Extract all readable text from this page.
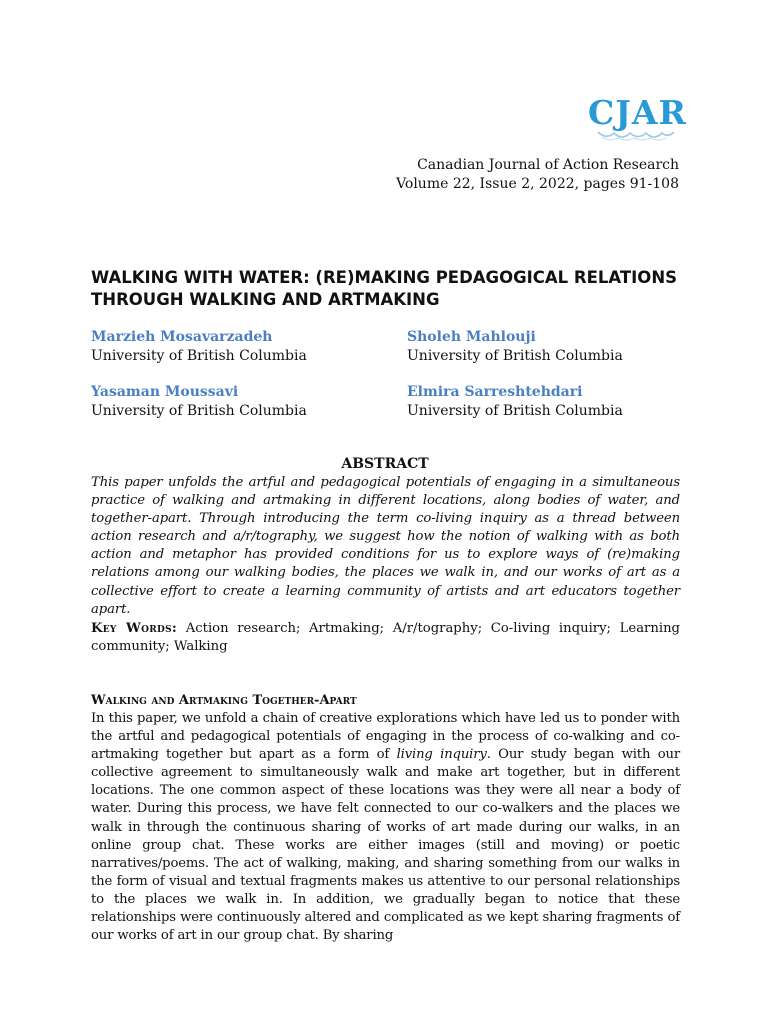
CJAR
Canadian Journal of Action Research
Volume 22, Issue 2, 2022, pages 91-108
WALKING WITH WATER: (RE)MAKING PEDAGOGICAL RELATIONS
THROUGH WALKING AND ARTMAKING
Marzieh Mosavarzadeh
University of British Columbia
Sholeh Mahlouji
University of British Columbia
Yasaman Moussavi
University of British Columbia
Elmira Sarreshtehdari
University of British Columbia
ABSTRACT
This paper unfolds the artful and pedagogical potentials of engaging in a simultaneous practice of walking and artmaking in different locations, along bodies of water, and together-apart. Through introducing the term co-living inquiry as a thread between action research and a/r/tography, we suggest how the notion of walking with as both action and metaphor has provided conditions for us to explore ways of (re)making relations among our walking bodies, the places we walk in, and our works of art as a collective effort to create a learning community of artists and art educators together apart.
Key Words: Action research; Artmaking; A/r/tography; Co-living inquiry; Learning community; Walking
Walking and Artmaking Together-Apart
In this paper, we unfold a chain of creative explorations which have led us to ponder with the artful and pedagogical potentials of engaging in the process of co-walking and co-artmaking together but apart as a form of living inquiry. Our study began with our collective agreement to simultaneously walk and make art together, but in different locations. The one common aspect of these locations was they were all near a body of water. During this process, we have felt connected to our co-walkers and the places we walk in through the continuous sharing of works of art made during our walks, in an online group chat. These works are either images (still and moving) or poetic narratives/poems. The act of walking, making, and sharing something from our walks in the form of visual and textual fragments makes us attentive to our personal relationships to the places we walk in. In addition, we gradually began to notice that these relationships were continuously altered and complicated as we kept sharing fragments of our works of art in our group chat. By sharing
